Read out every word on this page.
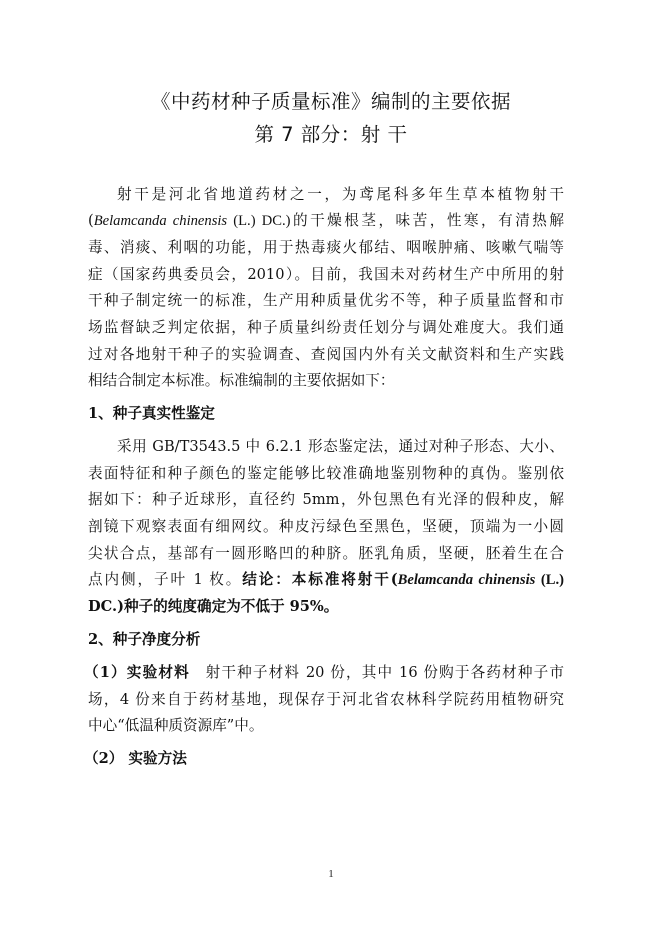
《中药材种子质量标准》编制的主要依据
第 7 部分：射 干
射干是河北省地道药材之一，为鸢尾科多年生草本植物射干
(Belamcanda chinensis (L.) DC.)的干燥根茎，味苦，性寒，有清热解
毒、消痰、利咽的功能，用于热毒痰火郁结、咽喉肿痛、咳嗽气喘等
症（国家药典委员会，2010）。目前，我国未对药材生产中所用的射
干种子制定统一的标准，生产用种质量优劣不等，种子质量监督和市
场监督缺乏判定依据，种子质量纠纷责任划分与调处难度大。我们通
过对各地射干种子的实验调查、查阅国内外有关文献资料和生产实践
相结合制定本标准。标准编制的主要依据如下：
1、种子真实性鉴定
采用 GB/T3543.5 中 6.2.1 形态鉴定法，通过对种子形态、大小、
表面特征和种子颜色的鉴定能够比较准确地鉴别物种的真伪。鉴别依
据如下：种子近球形，直径约 5mm，外包黑色有光泽的假种皮，解
剖镜下观察表面有细网纹。种皮污绿色至黑色，坚硬，顶端为一小圆
尖状合点，基部有一圆形略凹的种脐。胚乳角质，坚硬，胚着生在合
点内侧，子叶 1 枚。结论：本标准将射干(Belamcanda chinensis (L.)
DC.)种子的纯度确定为不低于 95%。
2、种子净度分析
（1）实验材料  射干种子材料 20 份，其中 16 份购于各药材种子市
场，4 份来自于药材基地，现保存于河北省农林科学院药用植物研究
中心“低温种质资源库”中。
（2） 实验方法
1
